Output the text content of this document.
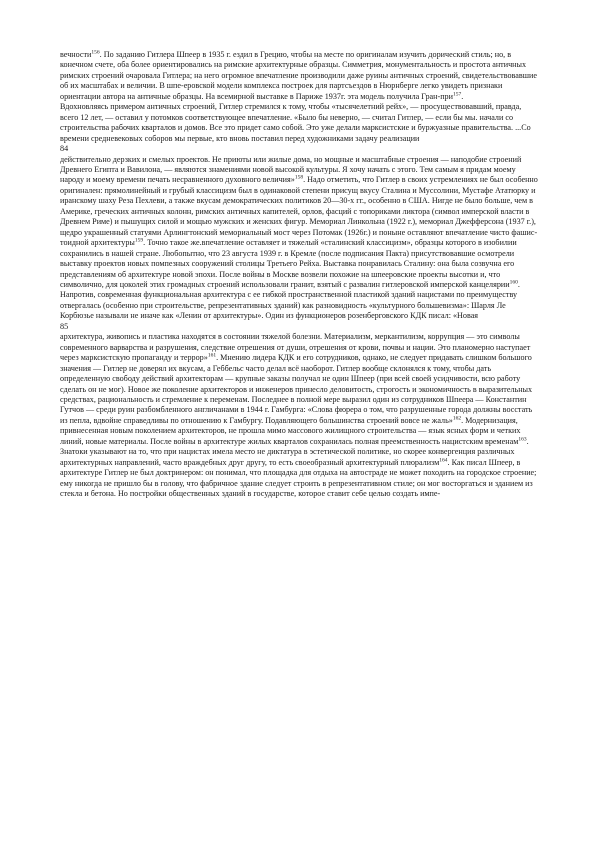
вечности$^{156}$. По заданию Гитлера Шпеер в 1935 г. ездил в Грецию, чтобы на месте по оригиналам изучить дорический стиль; но, в конечном счете, оба более ориентировались на римские архитектурные образцы. Симметрия, монументальность и простота античных римских строений очаровала Гитлера; на него огромное впечатление производили даже руины античных строений, свидетельствовавшие об их масштабах и величии. В шпе-еровской модели комплекса построек для партсъездов в Нюрнберге легко увидеть признаки ориентации автора на античные образцы. На всемирной выставке в Париже 1937г. эта модель получила Гран-при$^{157}$.

Вдохновляясь примером античных строений, Гитлер стремился к тому, чтобы «тысячелетний рейх», — просуществовавший, правда, всего 12 лет, — оставил у потомков соответствующее впечатление. «Было бы неверно, — считал Гитлер, — если бы мы. начали со строительства рабочих кварталов и домов. Все это придет само собой. Это уже делали марксистские и буржуазные правительства. ...Со времени средневековых соборов мы первые, кто вновь поставил перед художниками задачу реализации
84
действительно дерзких и смелых проектов. Не приюты или жилые дома, но мощные и масштабные строения — наподобие строений Древнего Египта и Вавилона, — являются знамениями новой высокой культуры. Я хочу начать с этого. Тем самым я придам моему народу и моему времени печать несравненного духовного величия»$^{158}$. Надо отметить, что Гитлер в своих устремлениях не был особенно оригинален: прямолинейный и грубый классицизм был в одинаковой степени присущ вкусу Сталина и Муссолини, Мустафе Ататюрку и иранскому шаху Реза Пехлеви, а также вкусам демократических политиков 20—30-х гг., особенно в США. Нигде не было больше, чем в Америке, греческих античных колонн, римских античных капителей, орлов, фасций с топориками ликтора (символ имперской власти в Древнем Риме) и пышущих силой и мощью мужских и женских фигур. Мемориал Линкольна (1922 г.), мемориал Джефферсона (1937 г.), щедро украшенный статуями Арлингтонский мемориальный мост через Потомак (1926г.) и поныне оставляют впечатление чисто фашис-тоидной архитектуры$^{159}$. Точно такое же.впечатление оставляет и тяжелый «сталинский классицизм», образцы которого в изобилии сохранились в нашей стране. Любопытно, что 23 августа 1939 г. в Кремле (после подписания Пакта) присутствовавшие осмотрели выставку проектов новых помпезных сооружений столицы Третьего Рейха. Выставка понравилась Сталину: она была созвучна его представлениям об архитектуре новой эпохи. После войны в Москве возвели похожие на шпееровские проекты высотки и, что символично, для цоколей этих громадных строений использовали гранит, взятый с развалин гитлеровской имперской канцелярии$^{160}$.

Напротив, современная функциональная архитектура с ее гибкой пространственной пластикой зданий нацистами по преимуществу отвергалась (особенно при строительстве, репрезентативных зданий) как разновидность «культурного большевизма»: Шарля Ле Корбюзье называли не иначе как «Ленин от архитектуры». Один из функционеров розенберговского КДК писал: «Новая
85
архитектура, живопись и пластика находятся в состоянии тяжелой болезни. Материализм, меркантилизм, коррупция — это символы современного варварства и разрушения, следствие отрешения от души, отрешения от крови, почвы и нации. Это планомерно наступает через марксистскую пропаганду и террор»$^{161}$. Мнению лидера КДК и его сотрудников, однако, не следует придавать слишком большого значения — Гитлер не доверял их вкусам, а Геббельс часто делал всё наоборот. Гитлер вообще склонялся к тому, чтобы дать определенную свободу действий архитекторам — крупные заказы получал не один Шпеер (при всей своей усидчивости, всю работу сделать он не мог). Новое же поколение архитекторов и инженеров принесло деловитость, строгость и экономичность в выразительных средствах, рациональность и стремление к переменам. Последнее в полной мере выразил один из сотрудников Шпеера — Константин Гутчов — среди руин разбомбленного англичанами в 1944 г. Гамбурга: «Слова фюрера о том, что разрушенные города должны восстать из пепла, вдвойне справедливы по отношению к Гамбургу. Подавляющего большинства строений вовсе не жаль»$^{162}$. Модернизация, привнесенная новым поколением архитекторов, не прошла мимо массового жилищного строительства — язык ясных форм и четких линий, новые материалы. После войны в архитектуре жилых кварталов сохранилась полная преемственность нацистским временам$^{163}$. Знатоки указывают на то, что при нацистах имела место не диктатура в эстетической политике, но скорее конвергенция различных архитектурных направлений, часто враждебных друг другу, то есть своеобразный архитектурный плюрализм$^{164}$. Как писал Шпеер, в архитектуре Гитлер не был доктринером: он понимал, что площадка для отдыха на автостраде не может походить на городское строение; ему никогда не пришло бы в голову, что фабричное здание следует строить в репрезентативном стиле; он мог восторгаться и зданием из стекла и бетона. Но постройки общественных зданий в государстве, которое ставит себе целью создать импе-
